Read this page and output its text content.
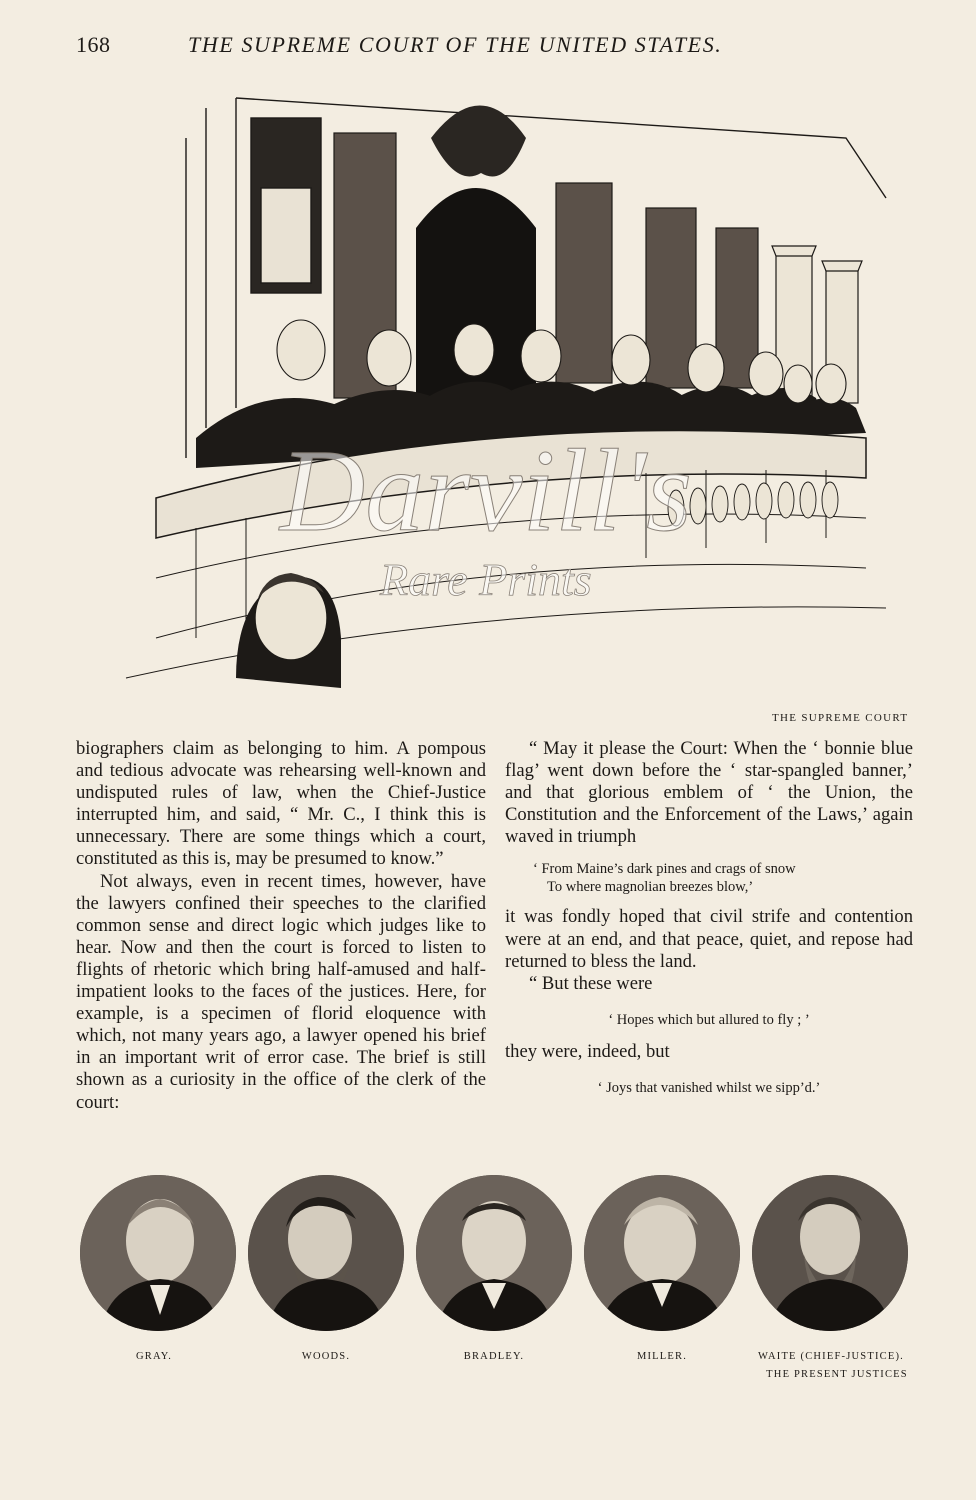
168	THE SUPREME COURT OF THE UNITED STATES.
Darvill's
Rare Prints
THE SUPREME COURT

biographers claim as belonging to him. A pompous and tedious advocate was rehearsing well-known and undisputed rules of law, when the Chief-Justice interrupted him, and said, “ Mr. C., I think this is unnecessary. There are some things which a court, constituted as this is, may be presumed to know.”

Not always, even in recent times, however, have the lawyers confined their speeches to the clarified common sense and direct logic which judges like to hear. Now and then the court is forced to listen to flights of rhetoric which bring half-amused and half-impatient looks to the faces of the justices. Here, for example, is a specimen of florid eloquence with which, not many years ago, a lawyer opened his brief in an important writ of error case. The brief is still shown as a curiosity in the office of the clerk of the court:

“ May it please the Court: When the ‘ bonnie blue flag’ went down before the ‘ star-spangled banner,’ and that glorious emblem of ‘ the Union, the Constitution and the Enforcement of the Laws,’ again waved in triumph

‘ From Maine’s dark pines and crags of snow
To where magnolian breezes blow,’

it was fondly hoped that civil strife and contention were at an end, and that peace, quiet, and repose had returned to bless the land.

“ But these were

‘ Hopes which but allured to fly ; ’

they were, indeed, but

‘ Joys that vanished whilst we sipp’d.’

GRAY.	WOODS.	BRADLEY.	MILLER.	WAITE (CHIEF-JUSTICE).
THE PRESENT JUSTICES
